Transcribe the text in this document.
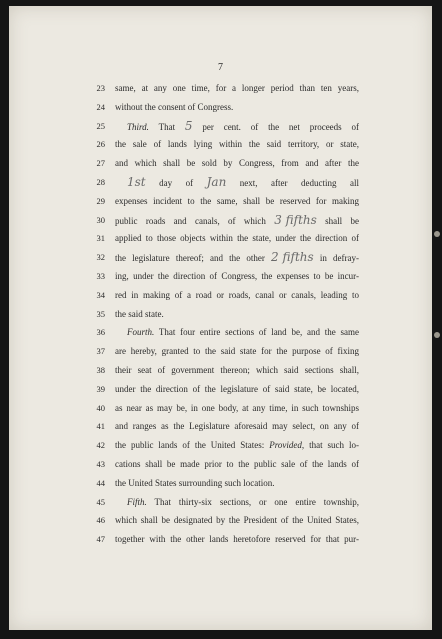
7
23 same, at any one time, for a longer period than ten years,
24 without the consent of Congress.
25	Third. That 5 per cent. of the net proceeds of
26 the sale of lands lying within the said territory, or state,
27 and which shall be sold by Congress, from and after the
28	1st day of Jan next, after deducting all
29 expenses incident to the same, shall be reserved for making
30 public roads and canals, of which 3 fifths shall be
31 applied to those objects within the state, under the direction of
32 the legislature thereof; and the other 2 fifths in defray-
33 ing, under the direction of Congress, the expenses to be incur-
34 red in making of a road or roads, canal or canals, leading to
35 the said state.
36	Fourth. That four entire sections of land be, and the same
37 are hereby, granted to the said state for the purpose of fixing
38 their seat of government thereon; which said sections shall,
39 under the direction of the legislature of said state, be located,
40 as near as may be, in one body, at any time, in such townships
41 and ranges as the Legislature aforesaid may select, on any of
42 the public lands of the United States: Provided, that such lo-
43 cations shall be made prior to the public sale of the lands of
44 the United States surrounding such location.
45	Fifth. That thirty-six sections, or one entire township,
46 which shall be designated by the President of the United States,
47 together with the other lands heretofore reserved for that pur-
